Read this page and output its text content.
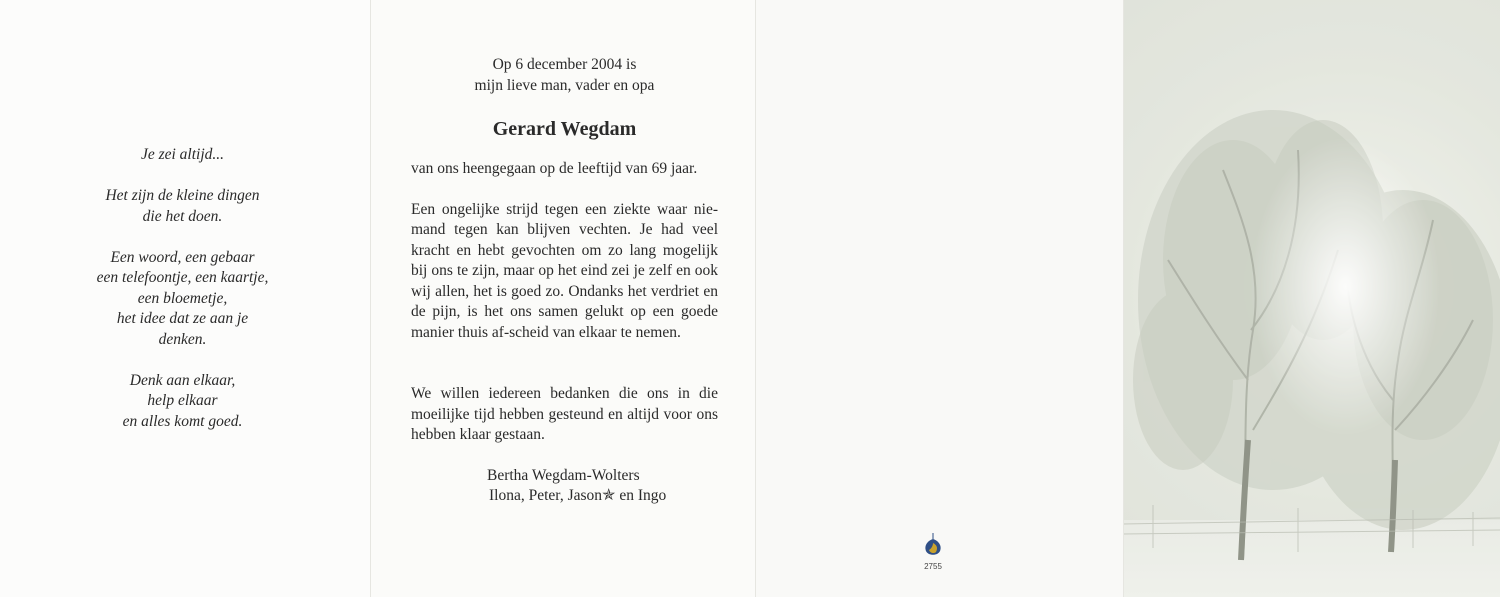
Je zei altijd...

Het zijn de kleine dingen
die het doen.

Een woord, een gebaar
een telefoontje, een kaartje,
een bloemetje,
het idee dat ze aan je
denken.

Denk aan elkaar,
help elkaar
en alles komt goed.

Op 6 december 2004 is
mijn lieve man, vader en opa

Gerard Wegdam

van ons heengegaan op de leeftijd van 69 jaar.

Een ongelijke strijd tegen een ziekte waar nie-mand tegen kan blijven vechten. Je had veel kracht en hebt gevochten om zo lang mogelijk bij ons te zijn, maar op het eind zei je zelf en ook wij allen, het is goed zo. Ondanks het verdriet en de pijn, is het ons samen gelukt op een goede manier thuis af-scheid van elkaar te nemen.

We willen iedereen bedanken die ons in die moeilijke tijd hebben gesteund en altijd voor ons hebben klaar gestaan.

Bertha Wegdam-Wolters
Ilona, Peter, Jason✯ en Ingo
2755
